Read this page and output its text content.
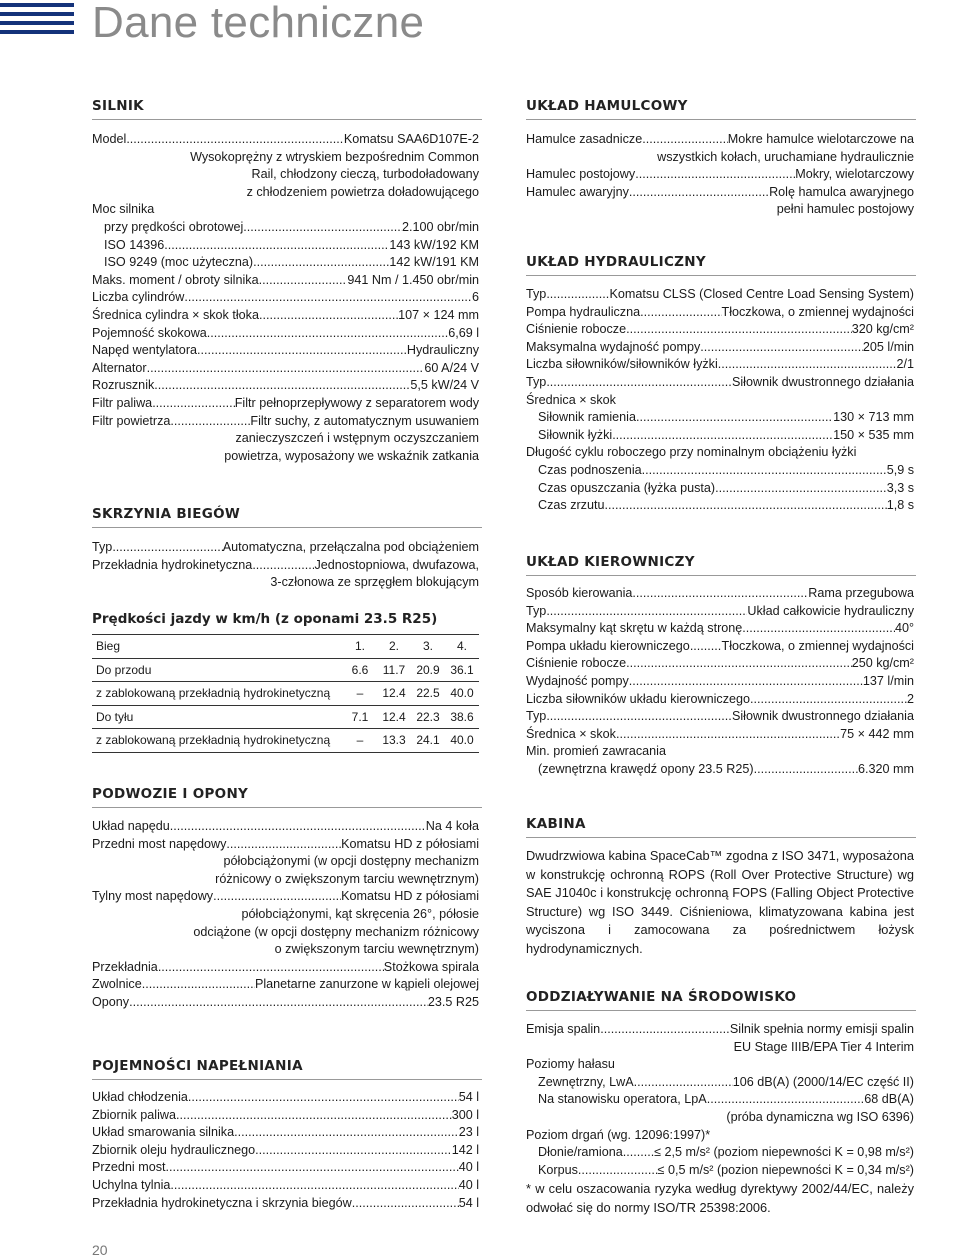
Dane techniczne
SILNIK
Model .....	Komatsu SAA6D107E-2
Wysokoprężny z wtryskiem bezpośrednim Common
Rail, chłodzony cieczą, turbodoładowany
z chłodzeniem powietrza doładowującego
Moc silnika
przy prędkości obrotowej .....	2.100 obr/min
ISO 14396 .....	143 kW/192 KM
ISO 9249 (moc użyteczna) .....	142 kW/191 KM
Maks. moment / obroty silnika .....	941 Nm / 1.450 obr/min
Liczba cylindrów .....	6
Średnica cylindra × skok tłoka .....	107 × 124 mm
Pojemność skokowa .....	6,69 l
Napęd wentylatora .....	Hydrauliczny
Alternator .....	60 A/24 V
Rozrusznik .....	5,5 kW/24 V
Filtr paliwa .....	Filtr pełnoprzepływowy z separatorem wody
Filtr powietrza .....	Filtr suchy, z automatycznym usuwaniem
zanieczyszczeń i wstępnym oczyszczaniem
powietrza, wyposażony we wskaźnik zatkania
SKRZYNIA BIEGÓW
Typ .....	Automatyczna, przełączalna pod obciążeniem
Przekładnia hydrokinetyczna .....	Jednostopniowa, dwufazowa,
3-członowa ze sprzęgłem blokującym
Prędkości jazdy w km/h (z oponami 23.5 R25)
Bieg	1.	2.	3.	4.
Do przodu	6.6	11.7	20.9	36.1
z zablokowaną przekładnią hydrokinetyczną	–	12.4	22.5	40.0
Do tyłu	7.1	12.4	22.3	38.6
z zablokowaną przekładnią hydrokinetyczną	–	13.3	24.1	40.0
PODWOZIE I OPONY
Układ napędu .....	Na 4 koła
Przedni most napędowy .....	Komatsu HD z półosiami
półobciążonymi (w opcji dostępny mechanizm
różnicowy o zwiększonym tarciu wewnętrznym)
Tylny most napędowy .....	Komatsu HD z półosiami
półobciążonymi, kąt skręcenia 26°, półosie
odciążone (w opcji dostępny mechanizm różnicowy
o zwiększonym tarciu wewnętrznym)
Przekładnia .....	Stożkowa spirala
Zwolnice .....	Planetarne zanurzone w kąpieli olejowej
Opony .....	23.5 R25
POJEMNOŚCI NAPEŁNIANIA
Układ chłodzenia .....	54 l
Zbiornik paliwa .....	300 l
Układ smarowania silnika .....	23 l
Zbiornik oleju hydraulicznego .....	142 l
Przedni most .....	40 l
Uchylna tylnia .....	40 l
Przekładnia hydrokinetyczna i skrzynia biegów .....	54 l
UKŁAD HAMULCOWY
Hamulce zasadnicze .....	Mokre hamulce wielotarczowe na
wszystkich kołach, uruchamiane hydraulicznie
Hamulec postojowy .....	Mokry, wielotarczowy
Hamulec awaryjny .....	Rolę hamulca awaryjnego
pełni hamulec postojowy
UKŁAD HYDRAULICZNY
Typ .....	Komatsu CLSS (Closed Centre Load Sensing System)
Pompa hydrauliczna .....	Tłoczkowa, o zmiennej wydajności
Ciśnienie robocze .....	320 kg/cm²
Maksymalna wydajność pompy .....	205 l/min
Liczba siłowników/siłowników łyżki .....	2/1
Typ .....	Siłownik dwustronnego działania
Średnica × skok
Siłownik ramienia .....	130 × 713 mm
Siłownik łyżki .....	150 × 535 mm
Długość cyklu roboczego przy nominalnym obciążeniu łyżki
Czas podnoszenia .....	5,9 s
Czas opuszczania (łyżka pusta) .....	3,3 s
Czas zrzutu .....	1,8 s
UKŁAD KIEROWNICZY
Sposób kierowania .....	Rama przegubowa
Typ .....	Układ całkowicie hydrauliczny
Maksymalny kąt skrętu w każdą stronę .....	40°
Pompa układu kierowniczego .....	Tłoczkowa, o zmiennej wydajności
Ciśnienie robocze .....	250 kg/cm²
Wydajność pompy .....	137 l/min
Liczba siłowników układu kierowniczego .....	2
Typ .....	Siłownik dwustronnego działania
Średnica × skok .....	75 × 442 mm
Min. promień zawracania
(zewnętrzna krawędź opony 23.5 R25) .....	6.320 mm
KABINA
Dwudrzwiowa kabina SpaceCab™ zgodna z ISO 3471, wyposażona w konstrukcję ochronną ROPS (Roll Over Protective Structure) wg SAE J1040c i konstrukcję ochronną FOPS (Falling Object Protective Structure) wg ISO 3449. Ciśnieniowa, klimatyzowana kabina jest wyciszona i zamocowana za pośrednictwem łożysk hydrodynamicznych.
ODDZIAŁYWANIE NA ŚRODOWISKO
Emisja spalin .....	Silnik spełnia normy emisji spalin
EU Stage IIIB/EPA Tier 4 Interim
Poziomy hałasu
Zewnętrzny, LwA .....	106 dB(A) (2000/14/EC część II)
Na stanowisku operatora, LpA .....	68 dB(A)
(próba dynamiczna wg ISO 6396)
Poziom drgań (wg. 12096:1997)*
Dłonie/ramiona ..... ≤ 2,5 m/s² (poziom niepewności K = 0,98 m/s²)
Korpus .....	≤ 0,5 m/s² (pozion niepewności K = 0,34 m/s²)
* w celu oszacowania ryzyka według dyrektywy 2002/44/EC, należy odwołać się do normy ISO/TR 25398:2006.
20
